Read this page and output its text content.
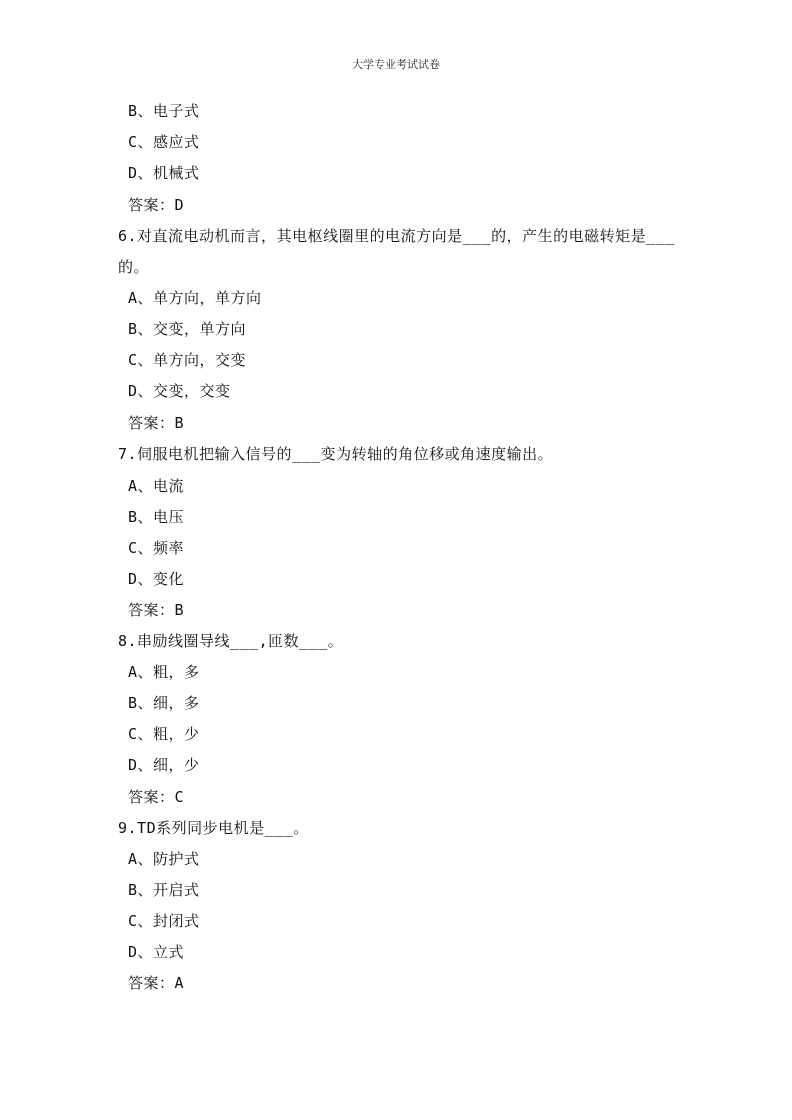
大学专业考试试卷
B、电子式
C、感应式
D、机械式
答案：D
6.对直流电动机而言，其电枢线圈里的电流方向是___的，产生的电磁转矩是___
的。
A、单方向，单方向
B、交变，单方向
C、单方向，交变
D、交变，交变
答案：B
7.伺服电机把输入信号的___变为转轴的角位移或角速度输出。
A、电流
B、电压
C、频率
D、变化
答案：B
8.串励线圈导线___,匝数___。
A、粗，多
B、细，多
C、粗，少
D、细，少
答案：C
9.TD系列同步电机是___。
A、防护式
B、开启式
C、封闭式
D、立式
答案：A
